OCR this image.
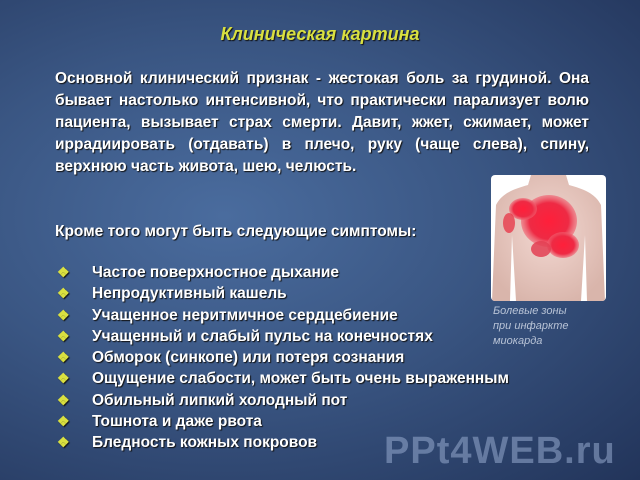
Клиническая картина
Основной клинический признак - жестокая боль за грудиной. Она бывает настолько интенсивной, что практически парализует волю пациента, вызывает страх смерти. Давит, жжет, сжимает, может иррадиировать (отдавать) в плечо, руку (чаще слева), спину, верхнюю часть живота, шею, челюсть.
Кроме того могут быть следующие симптомы:
❖ Частое поверхностное дыхание
❖ Непродуктивный кашель
❖ Учащенное неритмичное сердцебиение
❖ Учащенный и слабый пульс на конечностях
❖ Обморок (синкопе) или потеря сознания
❖ Ощущение слабости, может быть очень выраженным
❖ Обильный липкий холодный пот
❖ Тошнота и даже рвота
❖ Бледность кожных покровов
Болевые зоны
при инфаркте
миокарда
PPt4WEB.ru
